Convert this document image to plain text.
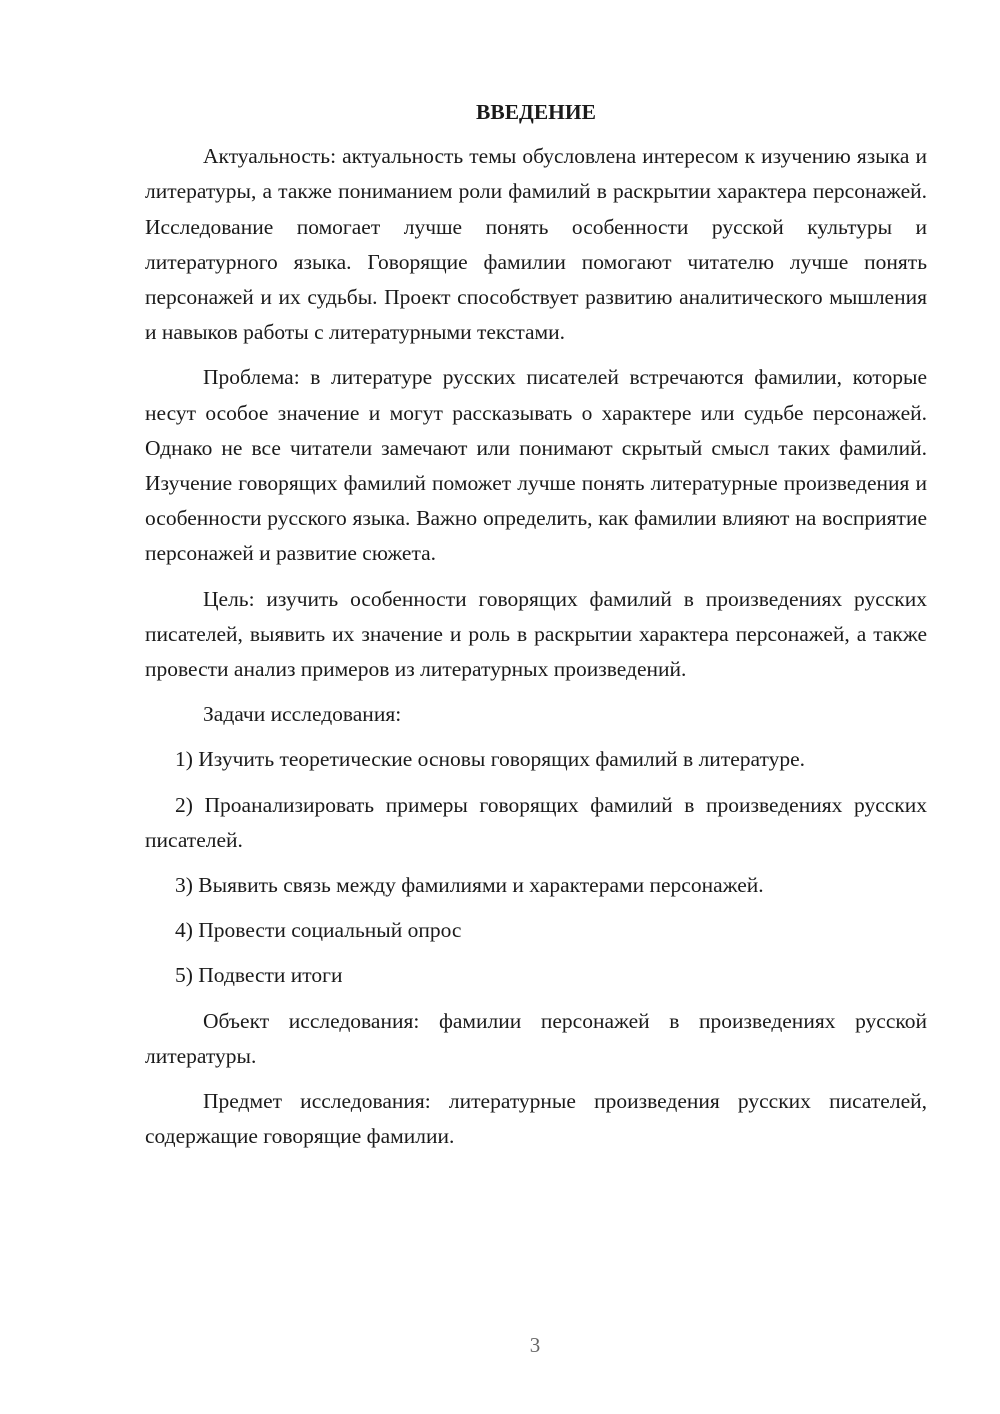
ВВЕДЕНИЕ

Актуальность: актуальность темы обусловлена интересом к изучению языка и литературы, а также пониманием роли фамилий в раскрытии характера персонажей. Исследование помогает лучше понять особенности русской культуры и литературного языка. Говорящие фамилии помогают читателю лучше понять персонажей и их судьбы. Проект способствует развитию аналитического мышления и навыков работы с литературными текстами.

Проблема: в литературе русских писателей встречаются фамилии, которые несут особое значение и могут рассказывать о характере или судьбе персонажей. Однако не все читатели замечают или понимают скрытый смысл таких фамилий. Изучение говорящих фамилий поможет лучше понять литературные произведения и особенности русского языка. Важно определить, как фамилии влияют на восприятие персонажей и развитие сюжета.

Цель: изучить особенности говорящих фамилий в произведениях русских писателей, выявить их значение и роль в раскрытии характера персонажей, а также провести анализ примеров из литературных произведений.

Задачи исследования:

1) Изучить теоретические основы говорящих фамилий в литературе.

2) Проанализировать примеры говорящих фамилий в произведениях русских писателей.

3) Выявить связь между фамилиями и характерами персонажей.

4) Провести социальный опрос

5) Подвести итоги

Объект исследования: фамилии персонажей в произведениях русской литературы.

Предмет исследования: литературные произведения русских писателей, содержащие говорящие фамилии.

3
